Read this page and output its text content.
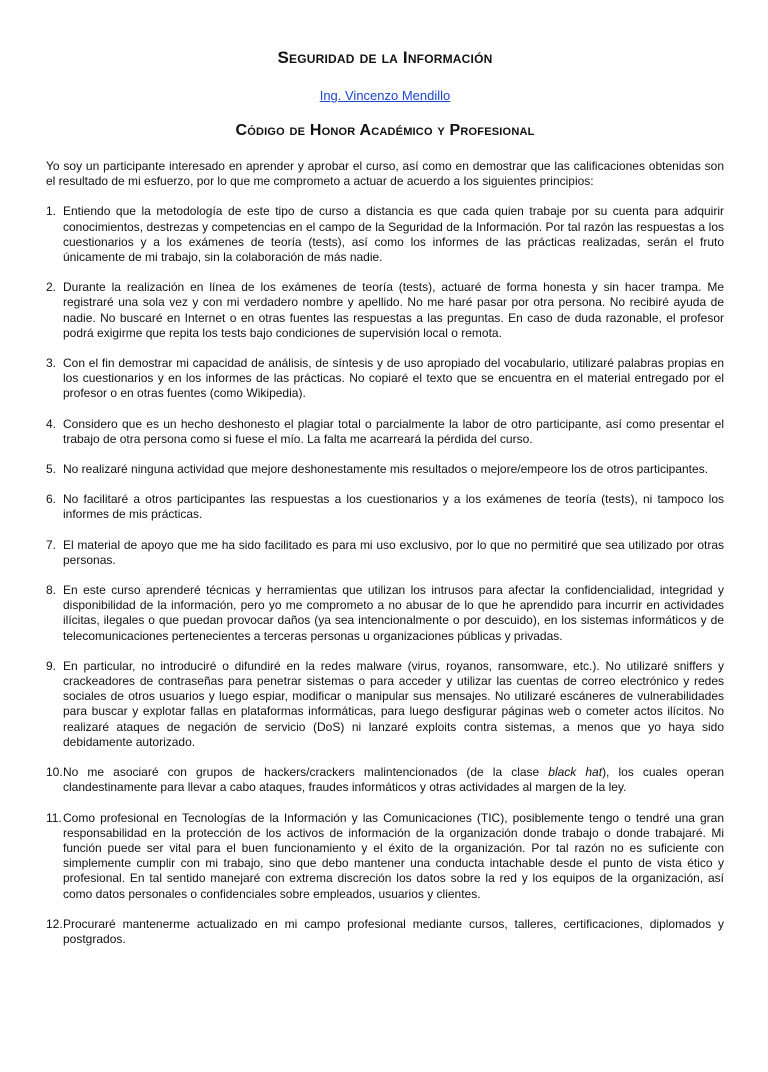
Seguridad de la Información
Ing. Vincenzo Mendillo
Código de Honor Académico y Profesional

Yo soy un participante interesado en aprender y aprobar el curso, así como en demostrar que las calificaciones obtenidas son el resultado de mi esfuerzo, por lo que me comprometo a actuar de acuerdo a los siguientes principios:

1. Entiendo que la metodología de este tipo de curso a distancia es que cada quien trabaje por su cuenta para adquirir conocimientos, destrezas y competencias en el campo de la Seguridad de la Información. Por tal razón las respuestas a los cuestionarios y a los exámenes de teoría (tests), así como los informes de las prácticas realizadas, serán el fruto únicamente de mi trabajo, sin la colaboración de más nadie.
2. Durante la realización en línea de los exámenes de teoría (tests), actuaré de forma honesta y sin hacer trampa. Me registraré una sola vez y con mi verdadero nombre y apellido. No me haré pasar por otra persona. No recibiré ayuda de nadie. No buscaré en Internet o en otras fuentes las respuestas a las preguntas. En caso de duda razonable, el profesor podrá exigirme que repita los tests bajo condiciones de supervisión local o remota.
3. Con el fin demostrar mi capacidad de análisis, de síntesis y de uso apropiado del vocabulario, utilizaré palabras propias en los cuestionarios y en los informes de las prácticas. No copiaré el texto que se encuentra en el material entregado por el profesor o en otras fuentes (como Wikipedia).
4. Considero que es un hecho deshonesto el plagiar total o parcialmente la labor de otro participante, así como presentar el trabajo de otra persona como si fuese el mío. La falta me acarreará la pérdida del curso.
5. No realizaré ninguna actividad que mejore deshonestamente mis resultados o mejore/empeore los de otros participantes.
6. No facilitaré a otros participantes las respuestas a los cuestionarios y a los exámenes de teoría (tests), ni tampoco los informes de mis prácticas.
7. El material de apoyo que me ha sido facilitado es para mi uso exclusivo, por lo que no permitiré que sea utilizado por otras personas.
8. En este curso aprenderé técnicas y herramientas que utilizan los intrusos para afectar la confidencialidad, integridad y disponibilidad de la información, pero yo me comprometo a no abusar de lo que he aprendido para incurrir en actividades ilícitas, ilegales o que puedan provocar daños (ya sea intencionalmente o por descuido), en los sistemas informáticos y de telecomunicaciones pertenecientes a terceras personas u organizaciones públicas y privadas.
9. En particular, no introduciré o difundiré en la redes malware (virus, royanos, ransomware, etc.). No utilizaré sniffers y crackeadores de contraseñas para penetrar sistemas o para acceder y utilizar las cuentas de correo electrónico y redes sociales de otros usuarios y luego espiar, modificar o manipular sus mensajes. No utilizaré escáneres de vulnerabilidades para buscar y explotar fallas en plataformas informáticas, para luego desfigurar páginas web o cometer actos ilícitos. No realizaré ataques de negación de servicio (DoS) ni lanzaré exploits contra sistemas, a menos que yo haya sido debidamente autorizado.
10. No me asociaré con grupos de hackers/crackers malintencionados (de la clase black hat), los cuales operan clandestinamente para llevar a cabo ataques, fraudes informáticos y otras actividades al margen de la ley.
11. Como profesional en Tecnologías de la Información y las Comunicaciones (TIC), posiblemente tengo o tendré una gran responsabilidad en la protección de los activos de información de la organización donde trabajo o donde trabajaré. Mi función puede ser vital para el buen funcionamiento y el éxito de la organización. Por tal razón no es suficiente con simplemente cumplir con mi trabajo, sino que debo mantener una conducta intachable desde el punto de vista ético y profesional. En tal sentido manejaré con extrema discreción los datos sobre la red y los equipos de la organización, así como datos personales o confidenciales sobre empleados, usuarios y clientes.
12. Procuraré mantenerme actualizado en mi campo profesional mediante cursos, talleres, certificaciones, diplomados y postgrados.
